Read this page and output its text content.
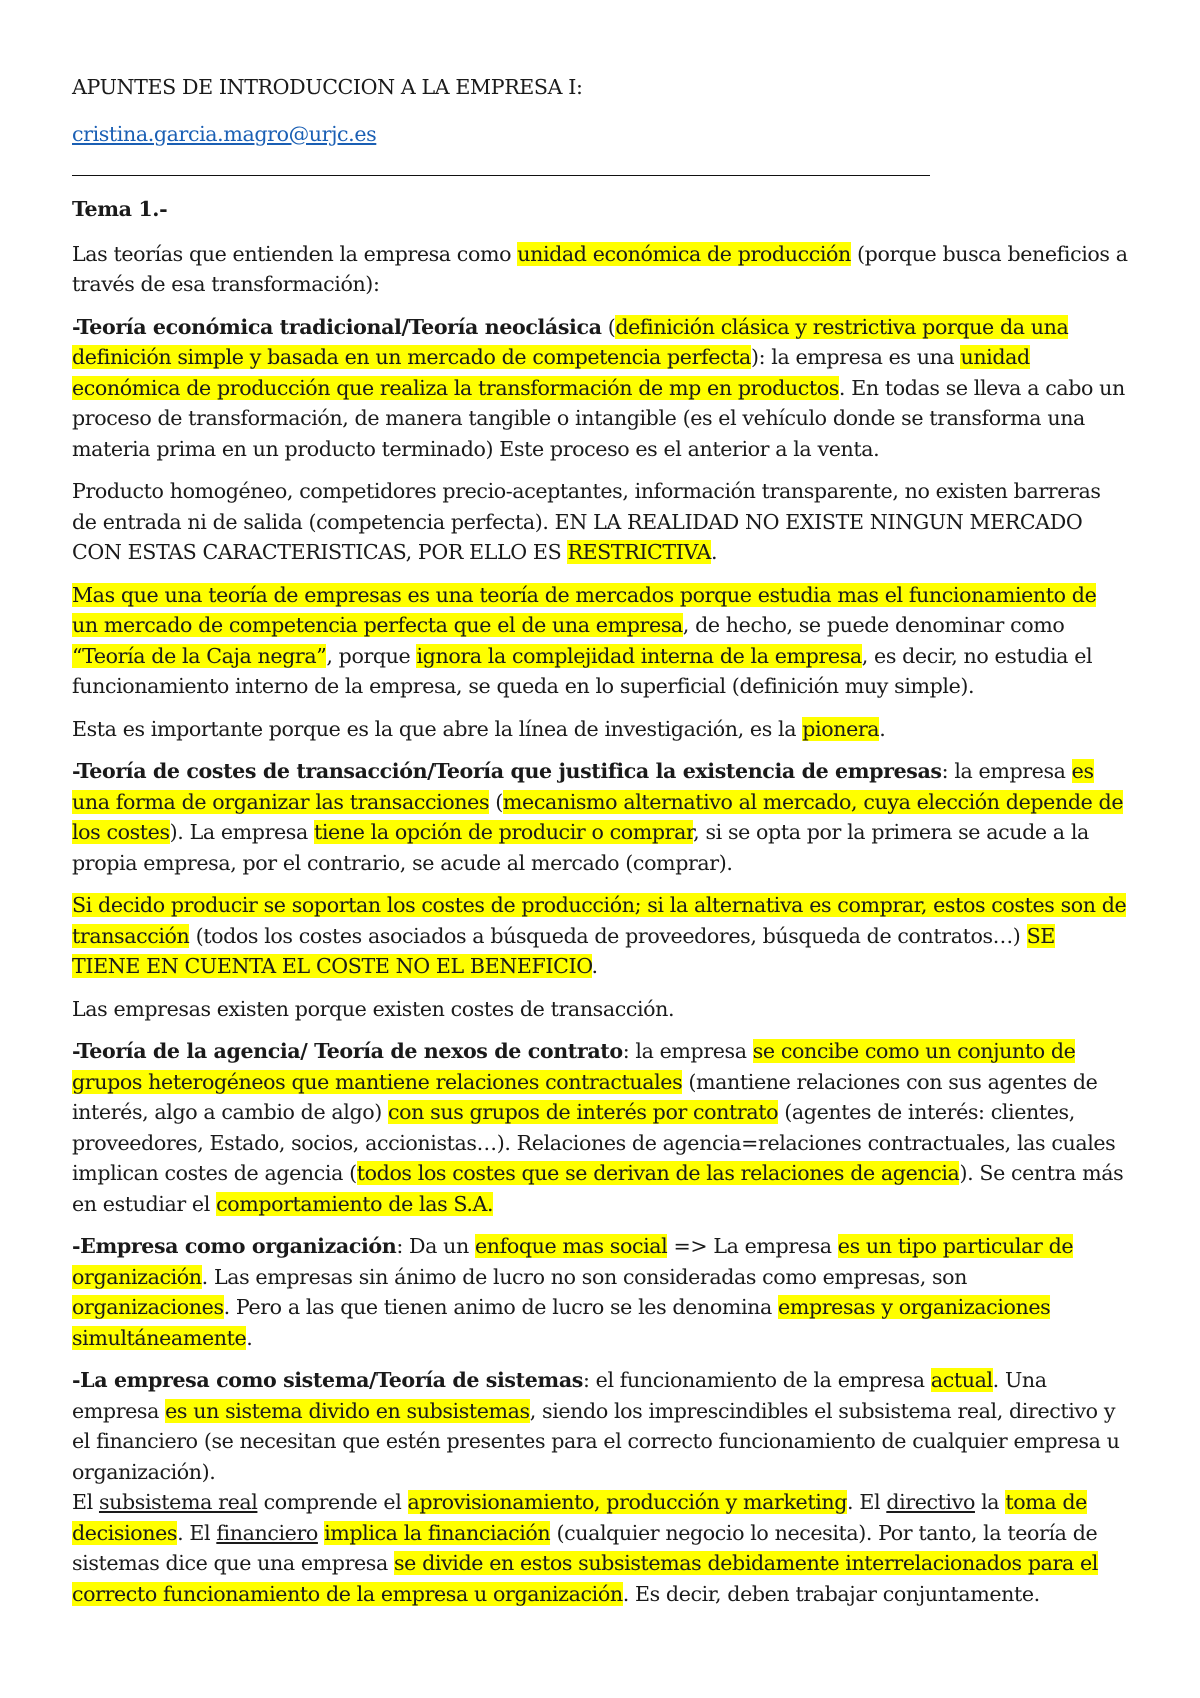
APUNTES DE INTRODUCCION A LA EMPRESA I:

cristina.garcia.magro@urjc.es

Tema 1.-

Las teorías que entienden la empresa como unidad económica de producción (porque busca beneficios a través de esa transformación):

-Teoría económica tradicional/Teoría neoclásica (definición clásica y restrictiva porque da una definición simple y basada en un mercado de competencia perfecta): la empresa es una unidad económica de producción que realiza la transformación de mp en productos. En todas se lleva a cabo un proceso de transformación, de manera tangible o intangible (es el vehículo donde se transforma una materia prima en un producto terminado) Este proceso es el anterior a la venta.

Producto homogéneo, competidores precio-aceptantes, información transparente, no existen barreras de entrada ni de salida (competencia perfecta). EN LA REALIDAD NO EXISTE NINGUN MERCADO CON ESTAS CARACTERISTICAS, POR ELLO ES RESTRICTIVA.

Mas que una teoría de empresas es una teoría de mercados porque estudia mas el funcionamiento de un mercado de competencia perfecta que el de una empresa, de hecho, se puede denominar como “Teoría de la Caja negra”, porque ignora la complejidad interna de la empresa, es decir, no estudia el funcionamiento interno de la empresa, se queda en lo superficial (definición muy simple).

Esta es importante porque es la que abre la línea de investigación, es la pionera.

-Teoría de costes de transacción/Teoría que justifica la existencia de empresas: la empresa es una forma de organizar las transacciones (mecanismo alternativo al mercado, cuya elección depende de los costes). La empresa tiene la opción de producir o comprar, si se opta por la primera se acude a la propia empresa, por el contrario, se acude al mercado (comprar).

Si decido producir se soportan los costes de producción; si la alternativa es comprar, estos costes son de transacción (todos los costes asociados a búsqueda de proveedores, búsqueda de contratos…) SE TIENE EN CUENTA EL COSTE NO EL BENEFICIO.

Las empresas existen porque existen costes de transacción.

-Teoría de la agencia/ Teoría de nexos de contrato: la empresa se concibe como un conjunto de grupos heterogéneos que mantiene relaciones contractuales (mantiene relaciones con sus agentes de interés, algo a cambio de algo) con sus grupos de interés por contrato (agentes de interés: clientes, proveedores, Estado, socios, accionistas…). Relaciones de agencia=relaciones contractuales, las cuales implican costes de agencia (todos los costes que se derivan de las relaciones de agencia). Se centra más en estudiar el comportamiento de las S.A.

-Empresa como organización: Da un enfoque mas social => La empresa es un tipo particular de organización. Las empresas sin ánimo de lucro no son consideradas como empresas, son organizaciones. Pero a las que tienen animo de lucro se les denomina empresas y organizaciones simultáneamente.

-La empresa como sistema/Teoría de sistemas: el funcionamiento de la empresa actual. Una empresa es un sistema divido en subsistemas, siendo los imprescindibles el subsistema real, directivo y el financiero (se necesitan que estén presentes para el correcto funcionamiento de cualquier empresa u organización).

El subsistema real comprende el aprovisionamiento, producción y marketing. El directivo la toma de decisiones. El financiero implica la financiación (cualquier negocio lo necesita). Por tanto, la teoría de sistemas dice que una empresa se divide en estos subsistemas debidamente interrelacionados para el correcto funcionamiento de la empresa u organización. Es decir, deben trabajar conjuntamente.
